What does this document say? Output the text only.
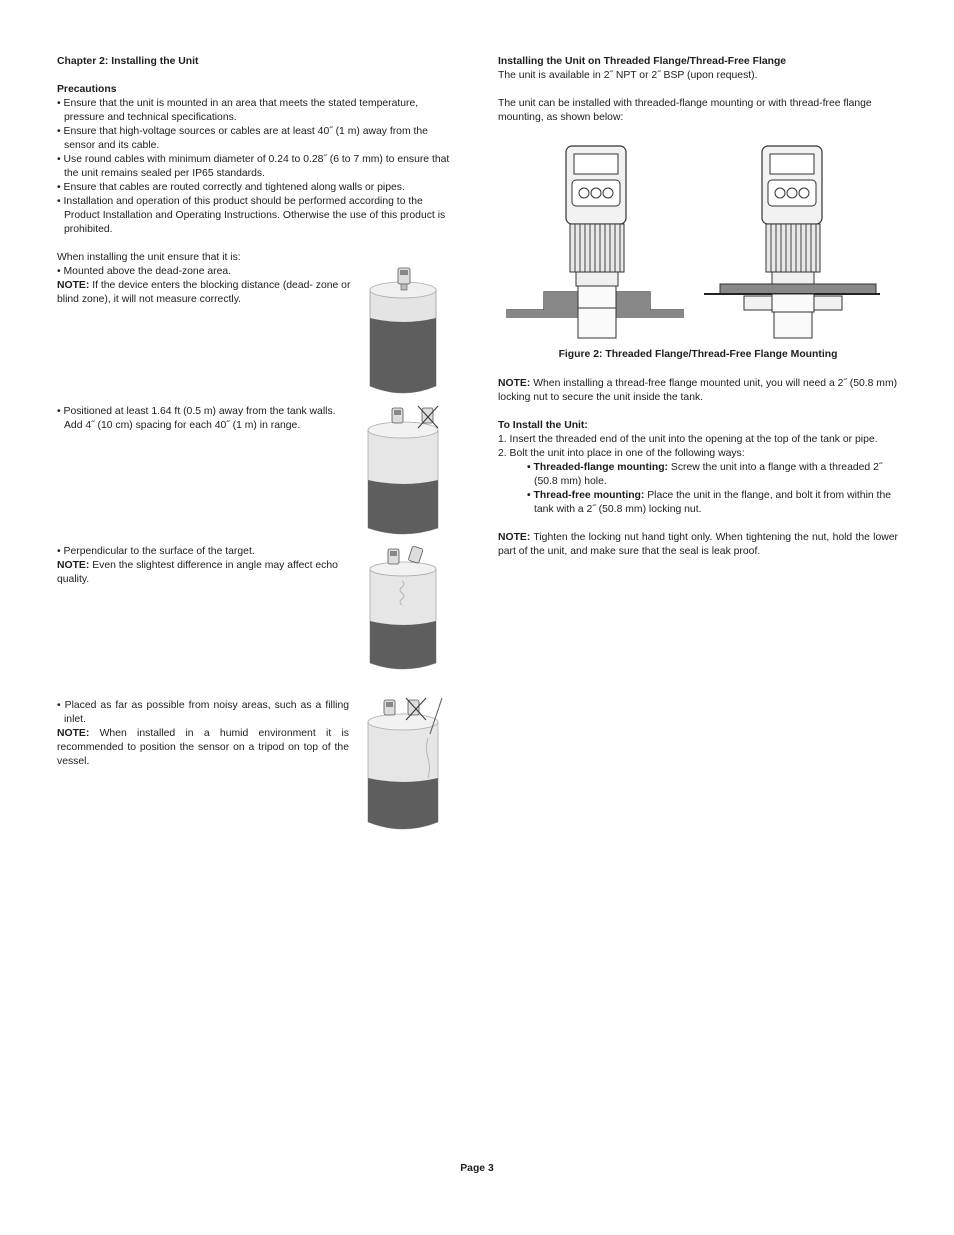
Chapter 2: Installing the Unit

Precautions

• Ensure that the unit is mounted in an area that meets the stated temperature, pressure and technical specifications.

• Ensure that high-voltage sources or cables are at least 40˝ (1 m) away from the sensor and its cable.

• Use round cables with minimum diameter of 0.24 to 0.28˝ (6 to 7 mm) to ensure that the unit remains sealed per IP65 standards.

• Ensure that cables are routed correctly and tightened along walls or pipes.

• Installation and operation of this product should be performed according to the Product Installation and Operating Instructions. Otherwise the use of this product is prohibited.

When installing the unit ensure that it is:

• Mounted above the dead-zone area.

NOTE: If the device enters the blocking distance (dead- zone or blind zone), it will not measure correctly.

• Positioned at least 1.64 ft (0.5 m) away from the tank walls. Add 4˝ (10 cm) spacing for each 40˝ (1 m) in range.

• Perpendicular to the surface of the target.

NOTE: Even the slightest difference in angle may affect echo quality.

• Placed as far as possible from noisy areas, such as a filling inlet.

NOTE: When installed in a humid environment it is recommended to position the sensor on a tripod on top of the vessel.

Installing the Unit on Threaded Flange/Thread-Free Flange

The unit is available in 2˝ NPT or 2˝ BSP (upon request).

The unit can be installed with threaded-flange mounting or with thread-free flange mounting, as shown below:

Figure 2: Threaded Flange/Thread-Free Flange Mounting

NOTE: When installing a thread-free flange mounted unit, you will need a 2˝ (50.8 mm) locking nut to secure the unit inside the tank.

To Install the Unit:

1. Insert the threaded end of the unit into the opening at the top of the tank or pipe.

2. Bolt the unit into place in one of the following ways:

• Threaded-flange mounting: Screw the unit into a flange with a threaded 2˝ (50.8 mm) hole.

• Thread-free mounting: Place the unit in the flange, and bolt it from within the tank with a 2˝ (50.8 mm) locking nut.

NOTE: Tighten the locking nut hand tight only. When tightening the nut, hold the lower part of the unit, and make sure that the seal is leak proof.

Page 3
